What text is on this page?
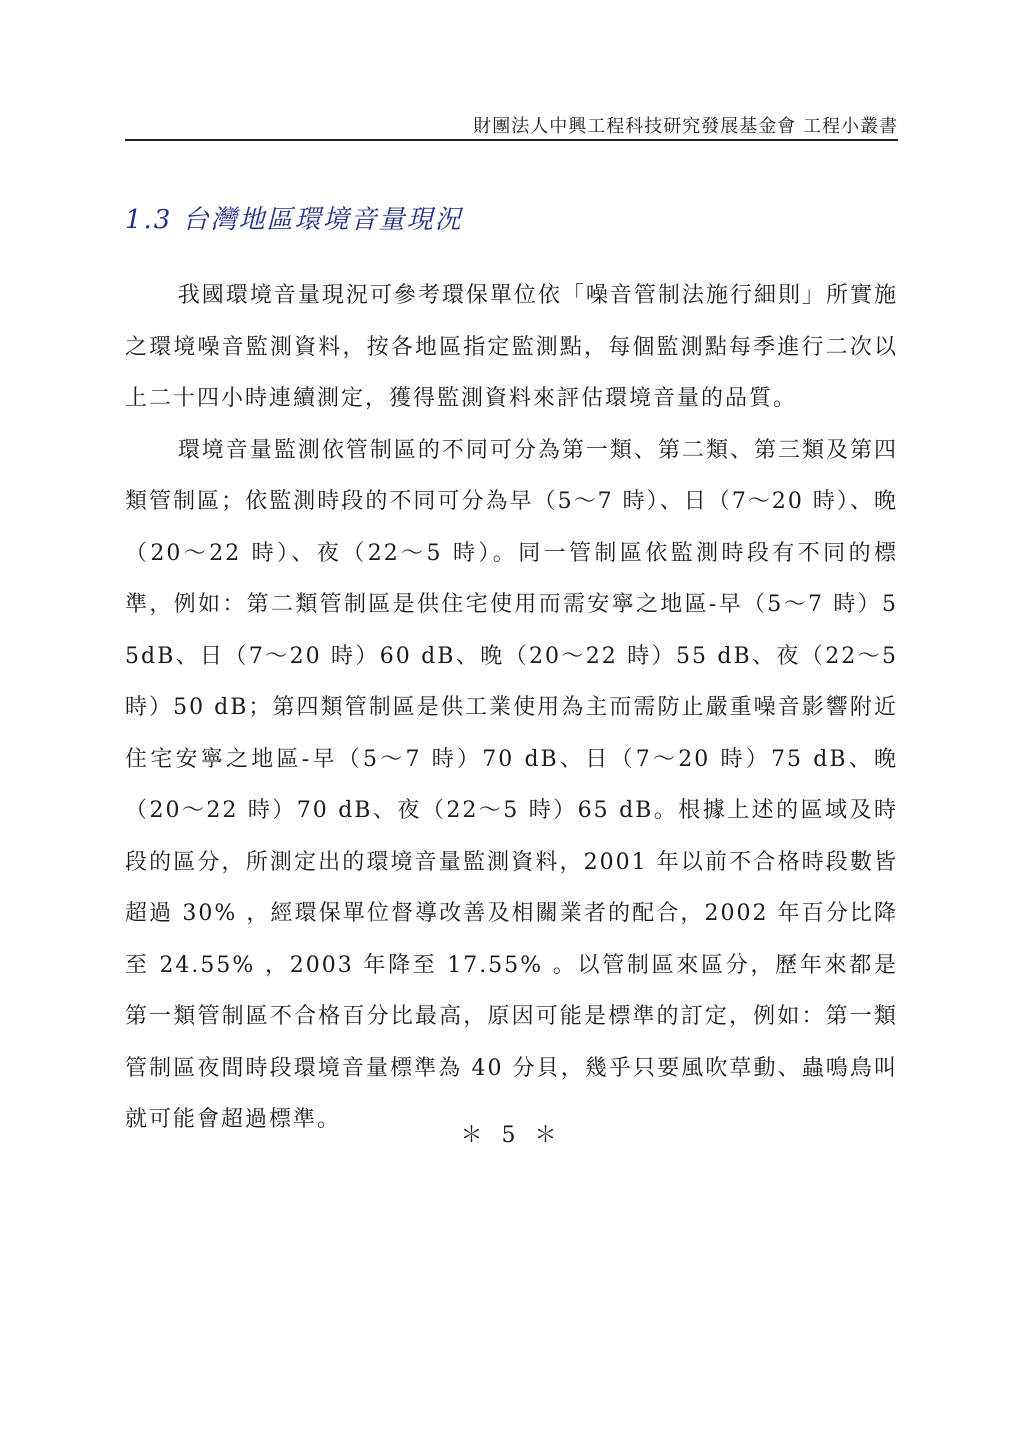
財團法人中興工程科技研究發展基金會 工程小叢書
1.3 台灣地區環境音量現況

我國環境音量現況可參考環保單位依「噪音管制法施行細則」所實施之環境噪音監測資料，按各地區指定監測點，每個監測點每季進行二次以上二十四小時連續測定，獲得監測資料來評估環境音量的品質。

環境音量監測依管制區的不同可分為第一類、第二類、第三類及第四類管制區；依監測時段的不同可分為早（5～7 時）、日（7～20 時）、晚（20～22 時）、夜（22～5 時）。同一管制區依監測時段有不同的標準，例如：第二類管制區是供住宅使用而需安寧之地區-早（5～7 時）55dB、日（7～20 時）60 dB、晚（20～22 時）55 dB、夜（22～5 時）50 dB；第四類管制區是供工業使用為主而需防止嚴重噪音影響附近住宅安寧之地區-早（5～7 時）70 dB、日（7～20 時）75 dB、晚（20～22 時）70 dB、夜（22～5 時）65 dB。根據上述的區域及時段的區分，所測定出的環境音量監測資料，2001 年以前不合格時段數皆超過 30% ，經環保單位督導改善及相關業者的配合，2002 年百分比降至 24.55% ，2003 年降至 17.55% 。以管制區來區分，歷年來都是第一類管制區不合格百分比最高，原因可能是標準的訂定，例如：第一類管制區夜間時段環境音量標準為 40 分貝，幾乎只要風吹草動、蟲鳴鳥叫就可能會超過標準。

＊ 5 ＊
